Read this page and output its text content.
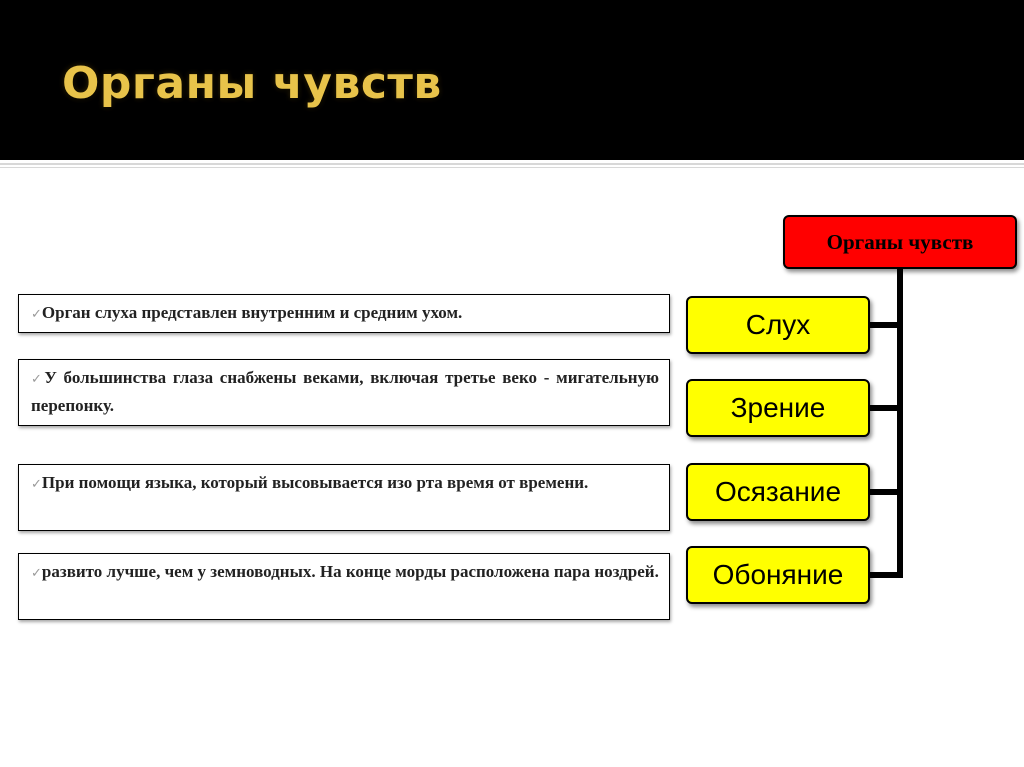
Органы чувств
Органы чувств
Слух
Зрение
Осязание
Обоняние
✓Орган слуха представлен внутренним и средним ухом.
✓У большинства глаза снабжены веками, включая третье веко - мигательную перепонку.
✓При помощи языка, который высовывается изо рта время от времени.
✓развито лучше, чем у земноводных. На конце морды расположена пара ноздрей.
